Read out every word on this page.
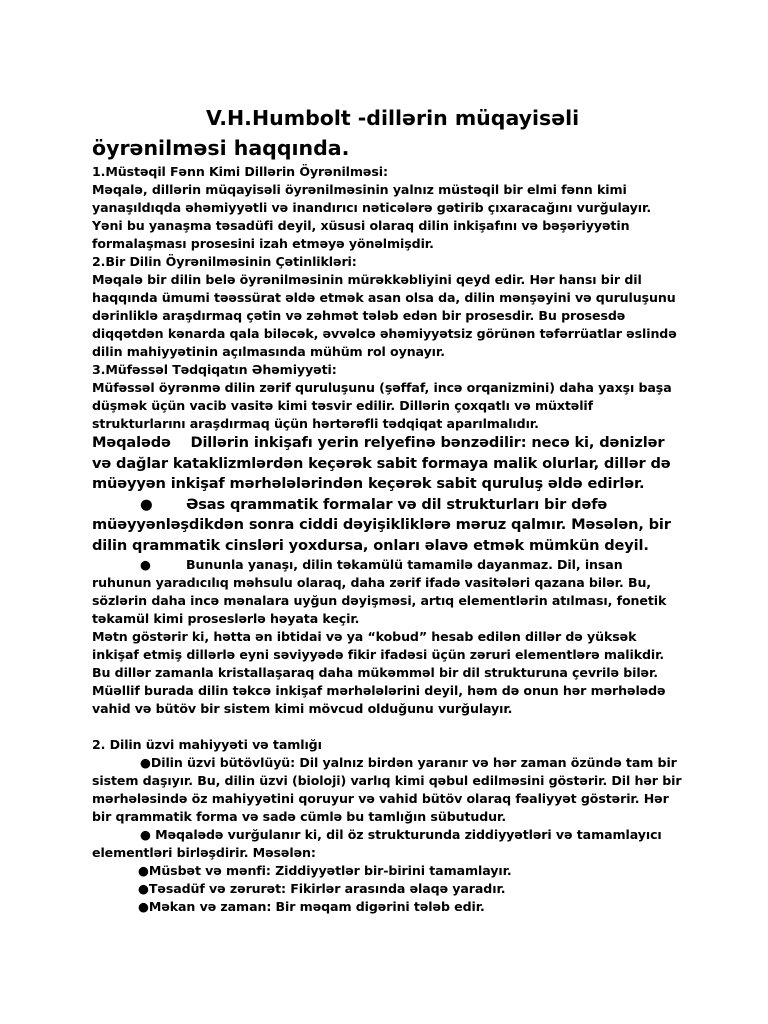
V.H.Humbolt -dillərin müqayisəli
öyrənilməsi haqqında.

1.Müstəqil Fənn Kimi Dillərin Öyrənilməsi:

Məqalə, dillərin müqayisəli öyrənilməsinin yalnız müstəqil bir elmi fənn kimi yanaşıldıqda əhəmiyyətli və inandırıcı nəticələrə gətirib çıxaracağını vurğulayır. Yəni bu yanaşma təsadüfi deyil, xüsusi olaraq dilin inkişafını və bəşəriyyətin formalaşması prosesini izah etməyə yönəlmişdir.

2.Bir Dilin Öyrənilməsinin Çətinlikləri:

Məqalə bir dilin belə öyrənilməsinin mürəkkəbliyini qeyd edir. Hər hansı bir dil haqqında ümumi təəssürat əldə etmək asan olsa da, dilin mənşəyini və quruluşunu dərinliklə araşdırmaq çətin və zəhmət tələb edən bir prosesdir. Bu prosesdə diqqətdən kənarda qala biləcək, əvvəlcə əhəmiyyətsiz görünən təfərrüatlar əslində dilin mahiyyətinin açılmasında mühüm rol oynayır.

3.Müfəssəl Tədqiqatın Əhəmiyyəti:

Müfəssəl öyrənmə dilin zərif quruluşunu (şəffaf, incə orqanizmini) daha yaxşı başa düşmək üçün vacib vasitə kimi təsvir edilir. Dillərin çoxqatlı və müxtəlif strukturlarını araşdırmaq üçün hərtərəfli tədqiqat aparılmalıdır.

Məqalədə    Dillərin inkişafı yerin relyefinə bənzədilir: necə ki, dənizlər və dağlar kataklizmlərdən keçərək sabit formaya malik olurlar, dillər də müəyyən inkişaf mərhələlərindən keçərək sabit quruluş əldə edirlər.

● Əsas qrammatik formalar və dil strukturları bir dəfə müəyyənləşdikdən sonra ciddi dəyişikliklərə məruz qalmır. Məsələn, bir dilin qrammatik cinsləri yoxdursa, onları əlavə etmək mümkün deyil.

●	Bununla yanaşı, dilin təkamülü tamamilə dayanmaz. Dil, insan ruhunun yaradıcılıq məhsulu olaraq, daha zərif ifadə vasitələri qazana bilər. Bu, sözlərin daha incə mənalara uyğun dəyişməsi, artıq elementlərin atılması, fonetik təkamül kimi proseslərlə həyata keçir.

Mətn göstərir ki, hətta ən ibtidai və ya “kobud” hesab edilən dillər də yüksək inkişaf etmiş dillərlə eyni səviyyədə fikir ifadəsi üçün zəruri elementlərə malikdir. Bu dillər zamanla kristallaşaraq daha mükəmməl bir dil strukturuna çevrilə bilər. Müəllif burada dilin təkcə inkişaf mərhələlərini deyil, həm də onun hər mərhələdə vahid və bütöv bir sistem kimi mövcud olduğunu vurğulayır.

2. Dilin üzvi mahiyyəti və tamlığı

●Dilin üzvi bütövlüyü: Dil yalnız birdən yaranır və hər zaman özündə tam bir sistem daşıyır. Bu, dilin üzvi (bioloji) varlıq kimi qəbul edilməsini göstərir. Dil hər bir mərhələsində öz mahiyyətini qoruyur və vahid bütöv olaraq fəaliyyət göstərir. Hər bir qrammatik forma və sadə cümlə bu tamlığın sübutudur.

● Məqalədə vurğulanır ki, dil öz strukturunda ziddiyyətləri və tamamlayıcı elementləri birləşdirir. Məsələn:

●Müsbət və mənfi: Ziddiyyətlər bir-birini tamamlayır.

●Təsadüf və zərurət: Fikirlər arasında əlaqə yaradır.

●Məkan və zaman: Bir məqam digərini tələb edir.
